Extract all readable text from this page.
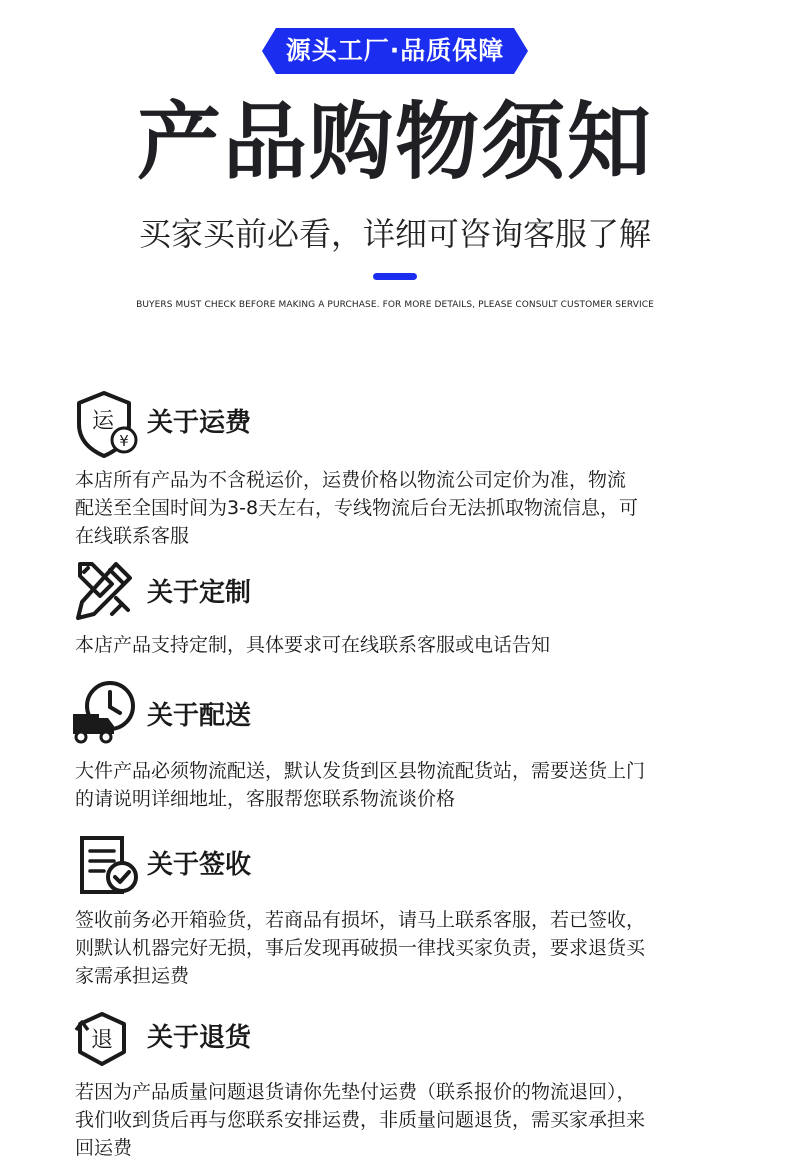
源头工厂·品质保障
产品购物须知
买家买前必看，详细可咨询客服了解
BUYERS MUST CHECK BEFORE MAKING A PURCHASE. FOR MORE DETAILS, PLEASE CONSULT CUSTOMER SERVICE
运
¥
关于运费
本店所有产品为不含税运价，运费价格以物流公司定价为准，物流
配送至全国时间为3-8天左右，专线物流后台无法抓取物流信息，可
在线联系客服
关于定制
本店产品支持定制，具体要求可在线联系客服或电话告知
关于配送
大件产品必须物流配送，默认发货到区县物流配货站，需要送货上门
的请说明详细地址，客服帮您联系物流谈价格
关于签收
签收前务必开箱验货，若商品有损坏，请马上联系客服，若已签收，
则默认机器完好无损，事后发现再破损一律找买家负责，要求退货买
家需承担运费
退 关于退货
若因为产品质量问题退货请你先垫付运费（联系报价的物流退回），
我们收到货后再与您联系安排运费，非质量问题退货，需买家承担来
回运费
